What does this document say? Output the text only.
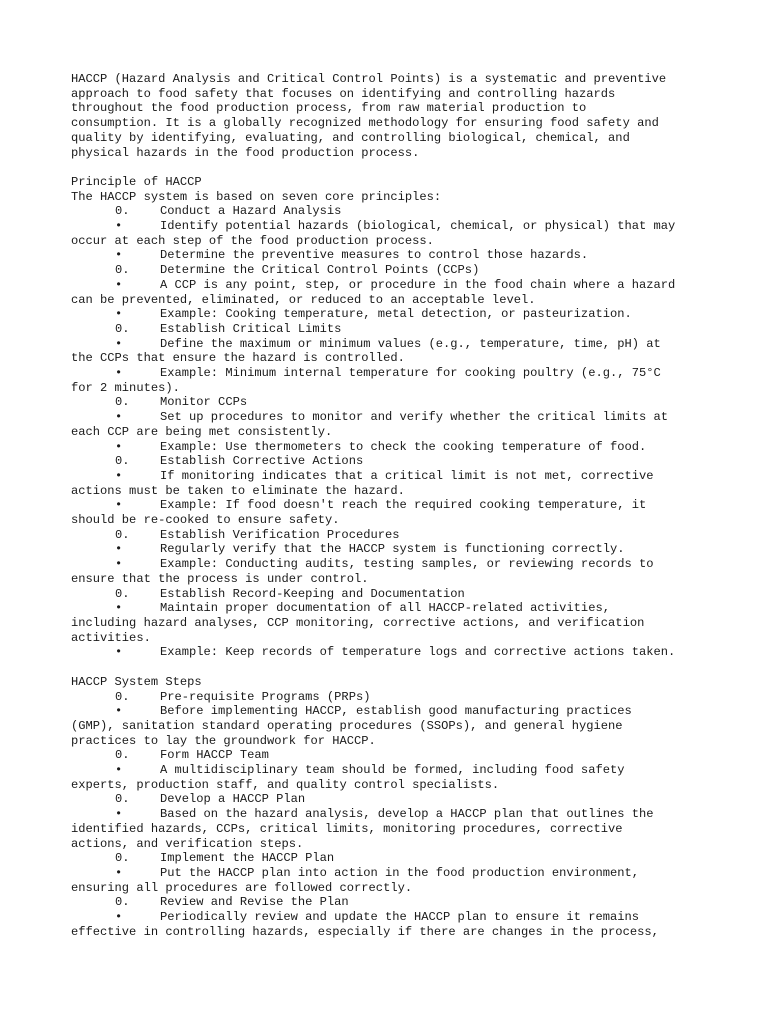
HACCP (Hazard Analysis and Critical Control Points) is a systematic and preventive
approach to food safety that focuses on identifying and controlling hazards
throughout the food production process, from raw material production to
consumption. It is a globally recognized methodology for ensuring food safety and
quality by identifying, evaluating, and controlling biological, chemical, and
physical hazards in the food production process.
Principle of HACCP
The HACCP system is based on seven core principles:
0.	Conduct a Hazard Analysis
•	Identify potential hazards (biological, chemical, or physical) that may
occur at each step of the food production process.
•	Determine the preventive measures to control those hazards.
0.	Determine the Critical Control Points (CCPs)
•	A CCP is any point, step, or procedure in the food chain where a hazard
can be prevented, eliminated, or reduced to an acceptable level.
•	Example: Cooking temperature, metal detection, or pasteurization.
0.	Establish Critical Limits
•	Define the maximum or minimum values (e.g., temperature, time, pH) at
the CCPs that ensure the hazard is controlled.
•	Example: Minimum internal temperature for cooking poultry (e.g., 75°C
for 2 minutes).
0.	Monitor CCPs
•	Set up procedures to monitor and verify whether the critical limits at
each CCP are being met consistently.
•	Example: Use thermometers to check the cooking temperature of food.
0.	Establish Corrective Actions
•	If monitoring indicates that a critical limit is not met, corrective
actions must be taken to eliminate the hazard.
•	Example: If food doesn't reach the required cooking temperature, it
should be re-cooked to ensure safety.
0.	Establish Verification Procedures
•	Regularly verify that the HACCP system is functioning correctly.
•	Example: Conducting audits, testing samples, or reviewing records to
ensure that the process is under control.
0.	Establish Record-Keeping and Documentation
•	Maintain proper documentation of all HACCP-related activities,
including hazard analyses, CCP monitoring, corrective actions, and verification
activities.
•	Example: Keep records of temperature logs and corrective actions taken.
HACCP System Steps
0.	Pre-requisite Programs (PRPs)
•	Before implementing HACCP, establish good manufacturing practices
(GMP), sanitation standard operating procedures (SSOPs), and general hygiene
practices to lay the groundwork for HACCP.
0.	Form HACCP Team
•	A multidisciplinary team should be formed, including food safety
experts, production staff, and quality control specialists.
0.	Develop a HACCP Plan
•	Based on the hazard analysis, develop a HACCP plan that outlines the
identified hazards, CCPs, critical limits, monitoring procedures, corrective
actions, and verification steps.
0.	Implement the HACCP Plan
•	Put the HACCP plan into action in the food production environment,
ensuring all procedures are followed correctly.
0.	Review and Revise the Plan
•	Periodically review and update the HACCP plan to ensure it remains
effective in controlling hazards, especially if there are changes in the process,
